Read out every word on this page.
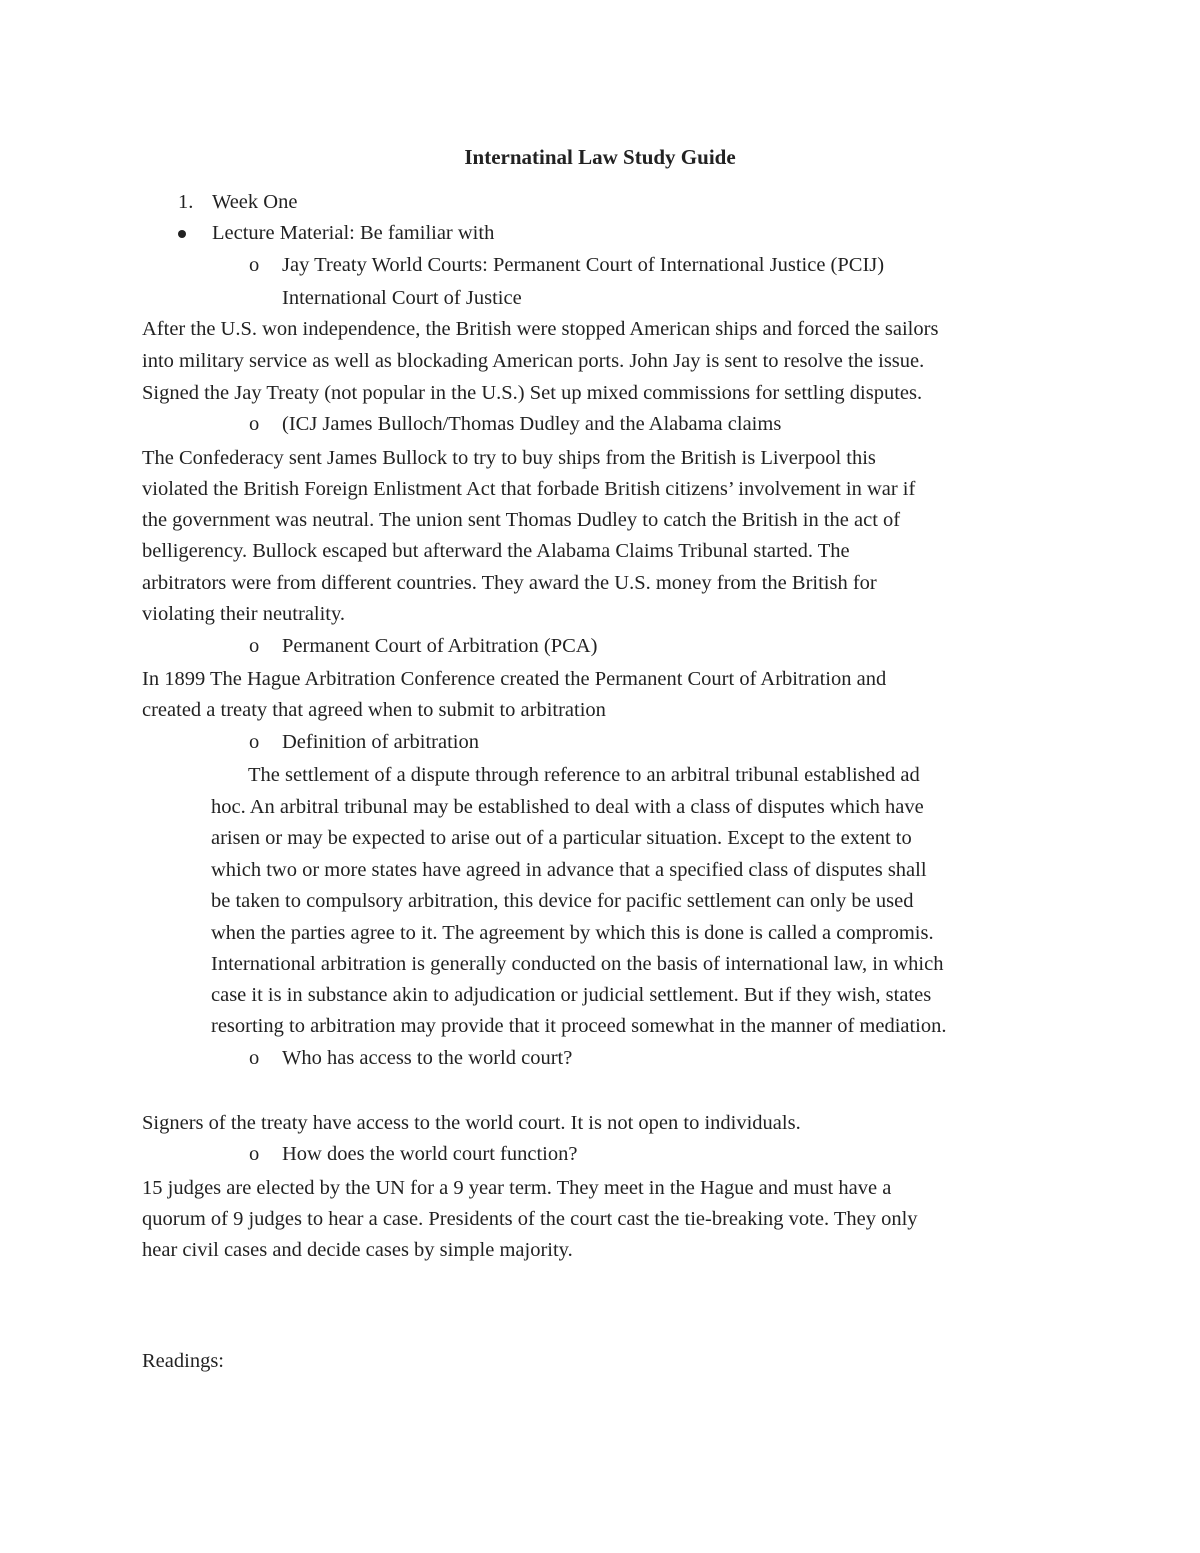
Internatinal Law Study Guide
1. Week One
Lecture Material: Be familiar with
o Jay Treaty World Courts: Permanent Court of International Justice (PCIJ)
International Court of Justice
After the U.S. won independence, the British were stopped American ships and forced the sailors
into military service as well as blockading American ports. John Jay is sent to resolve the issue.
Signed the Jay Treaty (not popular in the U.S.) Set up mixed commissions for settling disputes.
o (ICJ James Bulloch/Thomas Dudley and the Alabama claims
The Confederacy sent James Bullock to try to buy ships from the British is Liverpool this
violated the British Foreign Enlistment Act that forbade British citizens’ involvement in war if
the government was neutral. The union sent Thomas Dudley to catch the British in the act of
belligerency. Bullock escaped but afterward the Alabama Claims Tribunal started. The
arbitrators were from different countries. They award the U.S. money from the British for
violating their neutrality.
o Permanent Court of Arbitration (PCA)
In 1899 The Hague Arbitration Conference created the Permanent Court of Arbitration and
created a treaty that agreed when to submit to arbitration
o Definition of arbitration
The settlement of a dispute through reference to an arbitral tribunal established ad
hoc. An arbitral tribunal may be established to deal with a class of disputes which have
arisen or may be expected to arise out of a particular situation. Except to the extent to
which two or more states have agreed in advance that a specified class of disputes shall
be taken to compulsory arbitration, this device for pacific settlement can only be used
when the parties agree to it. The agreement by which this is done is called a compromis.
International arbitration is generally conducted on the basis of international law, in which
case it is in substance akin to adjudication or judicial settlement. But if they wish, states
resorting to arbitration may provide that it proceed somewhat in the manner of mediation.
o Who has access to the world court?
Signers of the treaty have access to the world court. It is not open to individuals.
o How does the world court function?
15 judges are elected by the UN for a 9 year term. They meet in the Hague and must have a
quorum of 9 judges to hear a case. Presidents of the court cast the tie-breaking vote. They only
hear civil cases and decide cases by simple majority.
Readings:
